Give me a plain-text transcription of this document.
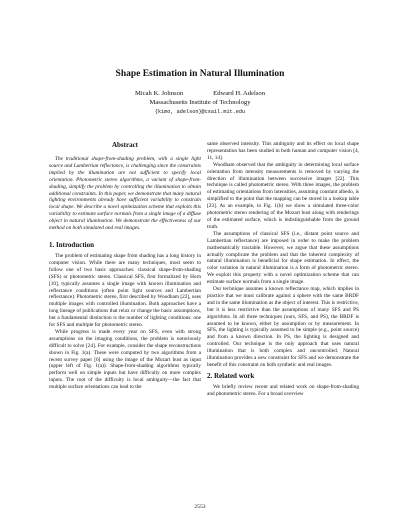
Shape Estimation in Natural Illumination
Micah K. Johnson	Edward H. Adelson
Massachusetts Institute of Technology
{kimo, adelson}@csail.mit.edu
Abstract

The traditional shape-from-shading problem, with a single light source and Lambertian reflectance, is challenging since the constraints implied by the illumination are not sufficient to specify local orientation. Photometric stereo algorithms, a variant of shape-from-shading, simplify the problem by controlling the illumination to obtain additional constraints. In this paper, we demonstrate that many natural lighting environments already have sufficient variability to constrain local shape. We describe a novel optimization scheme that exploits this variability to estimate surface normals from a single image of a diffuse object in natural illumination. We demonstrate the effectiveness of our method on both simulated and real images.

1. Introduction

The problem of estimating shape from shading has a long history in computer vision. While there are many techniques, most seem to follow one of two basic approaches: classical shape-from-shading (SFS) or photometric stereo. Classical SFS, first formalized by Horn [10], typically assumes a single image with known illumination and reflectance conditions (often point light sources and Lambertian reflectance). Photometric stereo, first described by Woodham [22], uses multiple images with controlled illumination. Both approaches have a long lineage of publications that relax or change the basic assumptions, but a fundamental distinction is the number of lighting conditions: one for SFS and multiple for photometric stereo.

While progress is made every year on SFS, even with strong assumptions on the imaging conditions, the problem is notoriously difficult to solve [24]. For example, consider the shape reconstructions shown in Fig. 1(a). These were computed by two algorithms from a recent survey paper [6] using the image of the Mozart bust as input (upper left of Fig. 1(a)). Shape-from-shading algorithms typically perform well on simple inputs but have difficulty on more complex inputs. The root of the difficulty is local ambiguity—the fact that multiple surface orientations can lead to the

same observed intensity. This ambiguity and its effect on local shape representation has been studied in both human and computer vision [4, 11, 14].

Woodham observed that the ambiguity in determining local surface orientation from intensity measurements is removed by varying the direction of illumination between successive images [22]. This technique is called photometric stereo. With three images, the problem of estimating orientations from intensities, assuming constant albedo, is simplified to the point that the mapping can be stored in a lookup table [23]. As an example, in Fig. 1(b) we show a simulated three-color photometric stereo rendering of the Mozart bust along with renderings of the estimated surface, which is indistinguishable from the ground truth.

The assumptions of classical SFS (i.e., distant point source and Lambertian reflectance) are imposed in order to make the problem mathematically tractable. However, we argue that these assumptions actually complicate the problem and that the inherent complexity of natural illumination is beneficial for shape estimation. In effect, the color variation in natural illumination is a form of photometric stereo. We exploit this property with a novel optimization scheme that can estimate surface normals from a single image.

Our technique assumes a known reflectance map, which implies in practice that we must calibrate against a sphere with the same BRDF and in the same illumination as the object of interest. This is restrictive, but it is less restrictive than the assumptions of many SFS and PS algorithms. In all three techniques (ours, SFS, and PS), the BRDF is assumed to be known, either by assumption or by measurement. In SFS, the lighting is typically assumed to be simple (e.g., point source) and from a known direction. In PS, the lighting is designed and controlled. Our technique is the only approach that uses natural illumination that is both complex and uncontrolled. Natural illumination provides a new constraint for SFS and we demonstrate the benefit of this constraint on both synthetic and real images.

2. Related work

We briefly review recent and related work on shape-from-shading and photometric stereo. For a broad overview

2553
